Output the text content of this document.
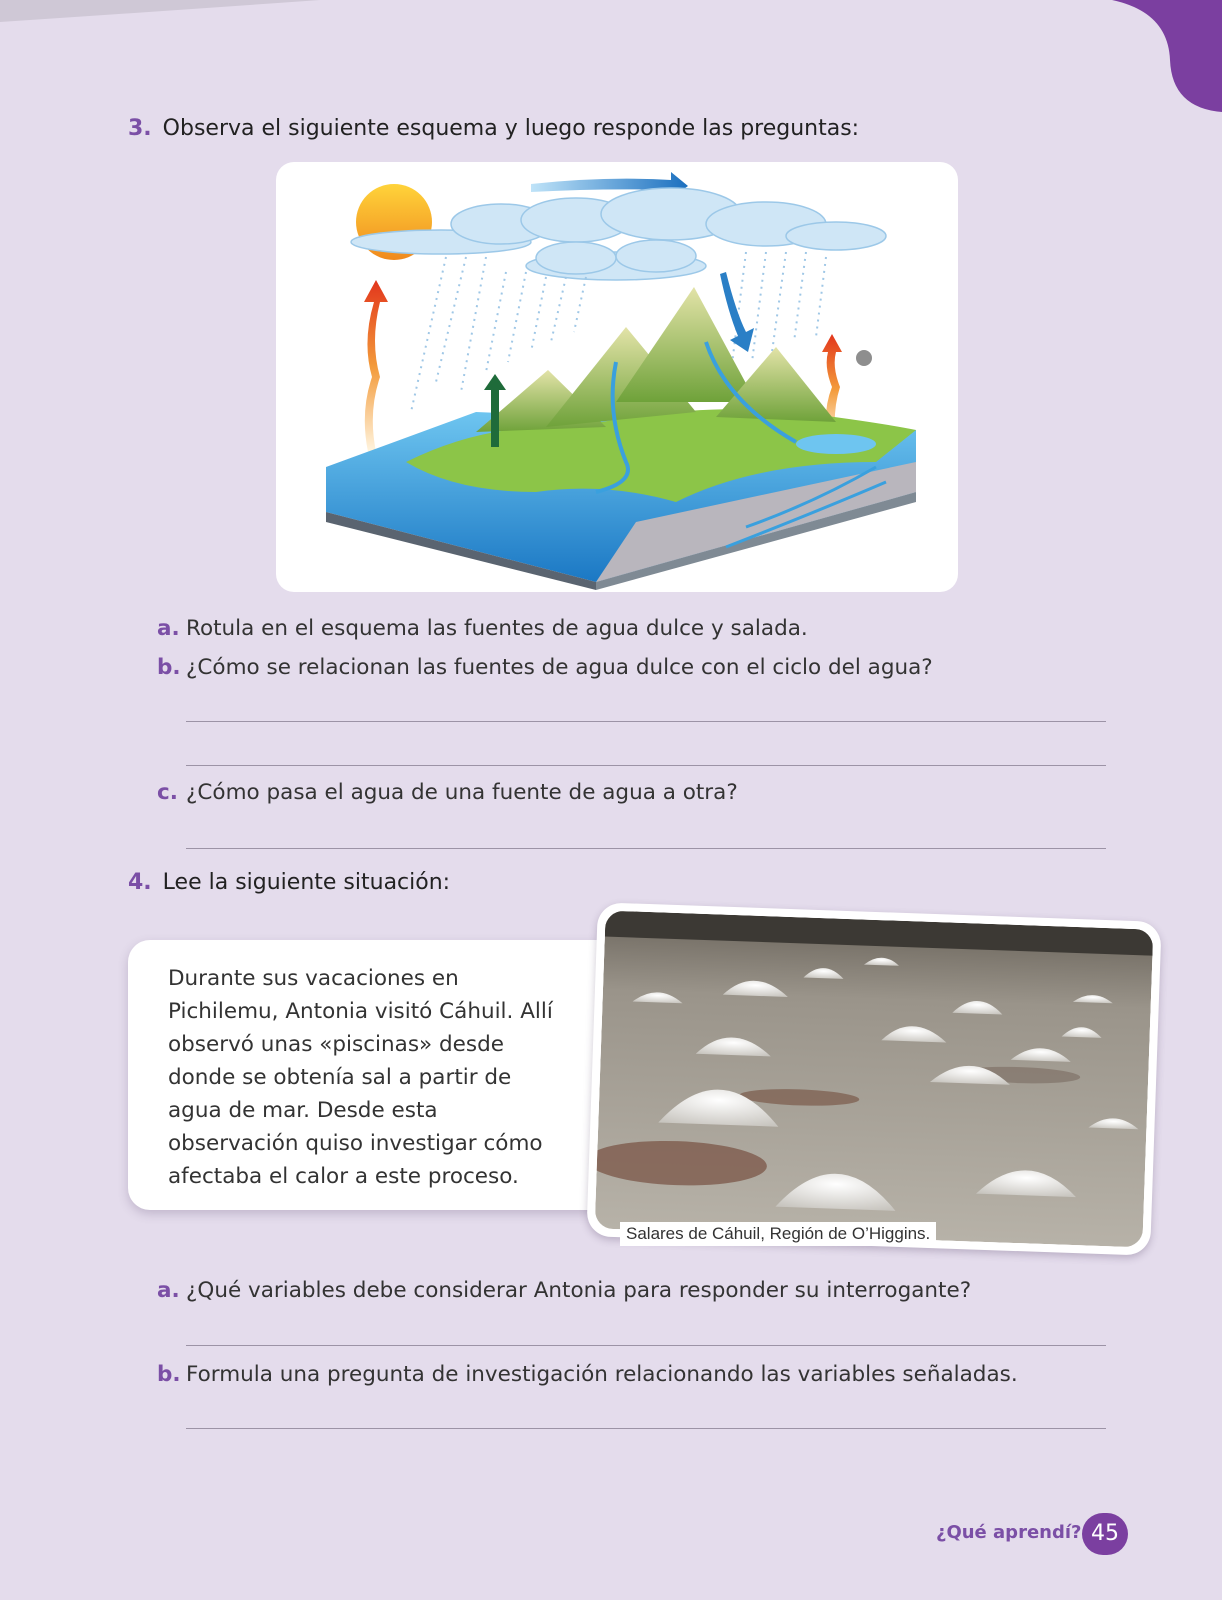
3. Observa el siguiente esquema y luego responde las preguntas:
a. Rotula en el esquema las fuentes de agua dulce y salada.
b. ¿Cómo se relacionan las fuentes de agua dulce con el ciclo del agua?
c. ¿Cómo pasa el agua de una fuente de agua a otra?
4. Lee la siguiente situación:

Durante sus vacaciones en Pichilemu, Antonia visitó Cáhuil. Allí observó unas «piscinas» desde donde se obtenía sal a partir de agua de mar. Desde esta observación quiso investigar cómo afectaba el calor a este proceso.

Salares de Cáhuil, Región de O’Higgins.
a. ¿Qué variables debe considerar Antonia para responder su interrogante?
b. Formula una pregunta de investigación relacionando las variables señaladas.
¿Qué aprendí? 45
